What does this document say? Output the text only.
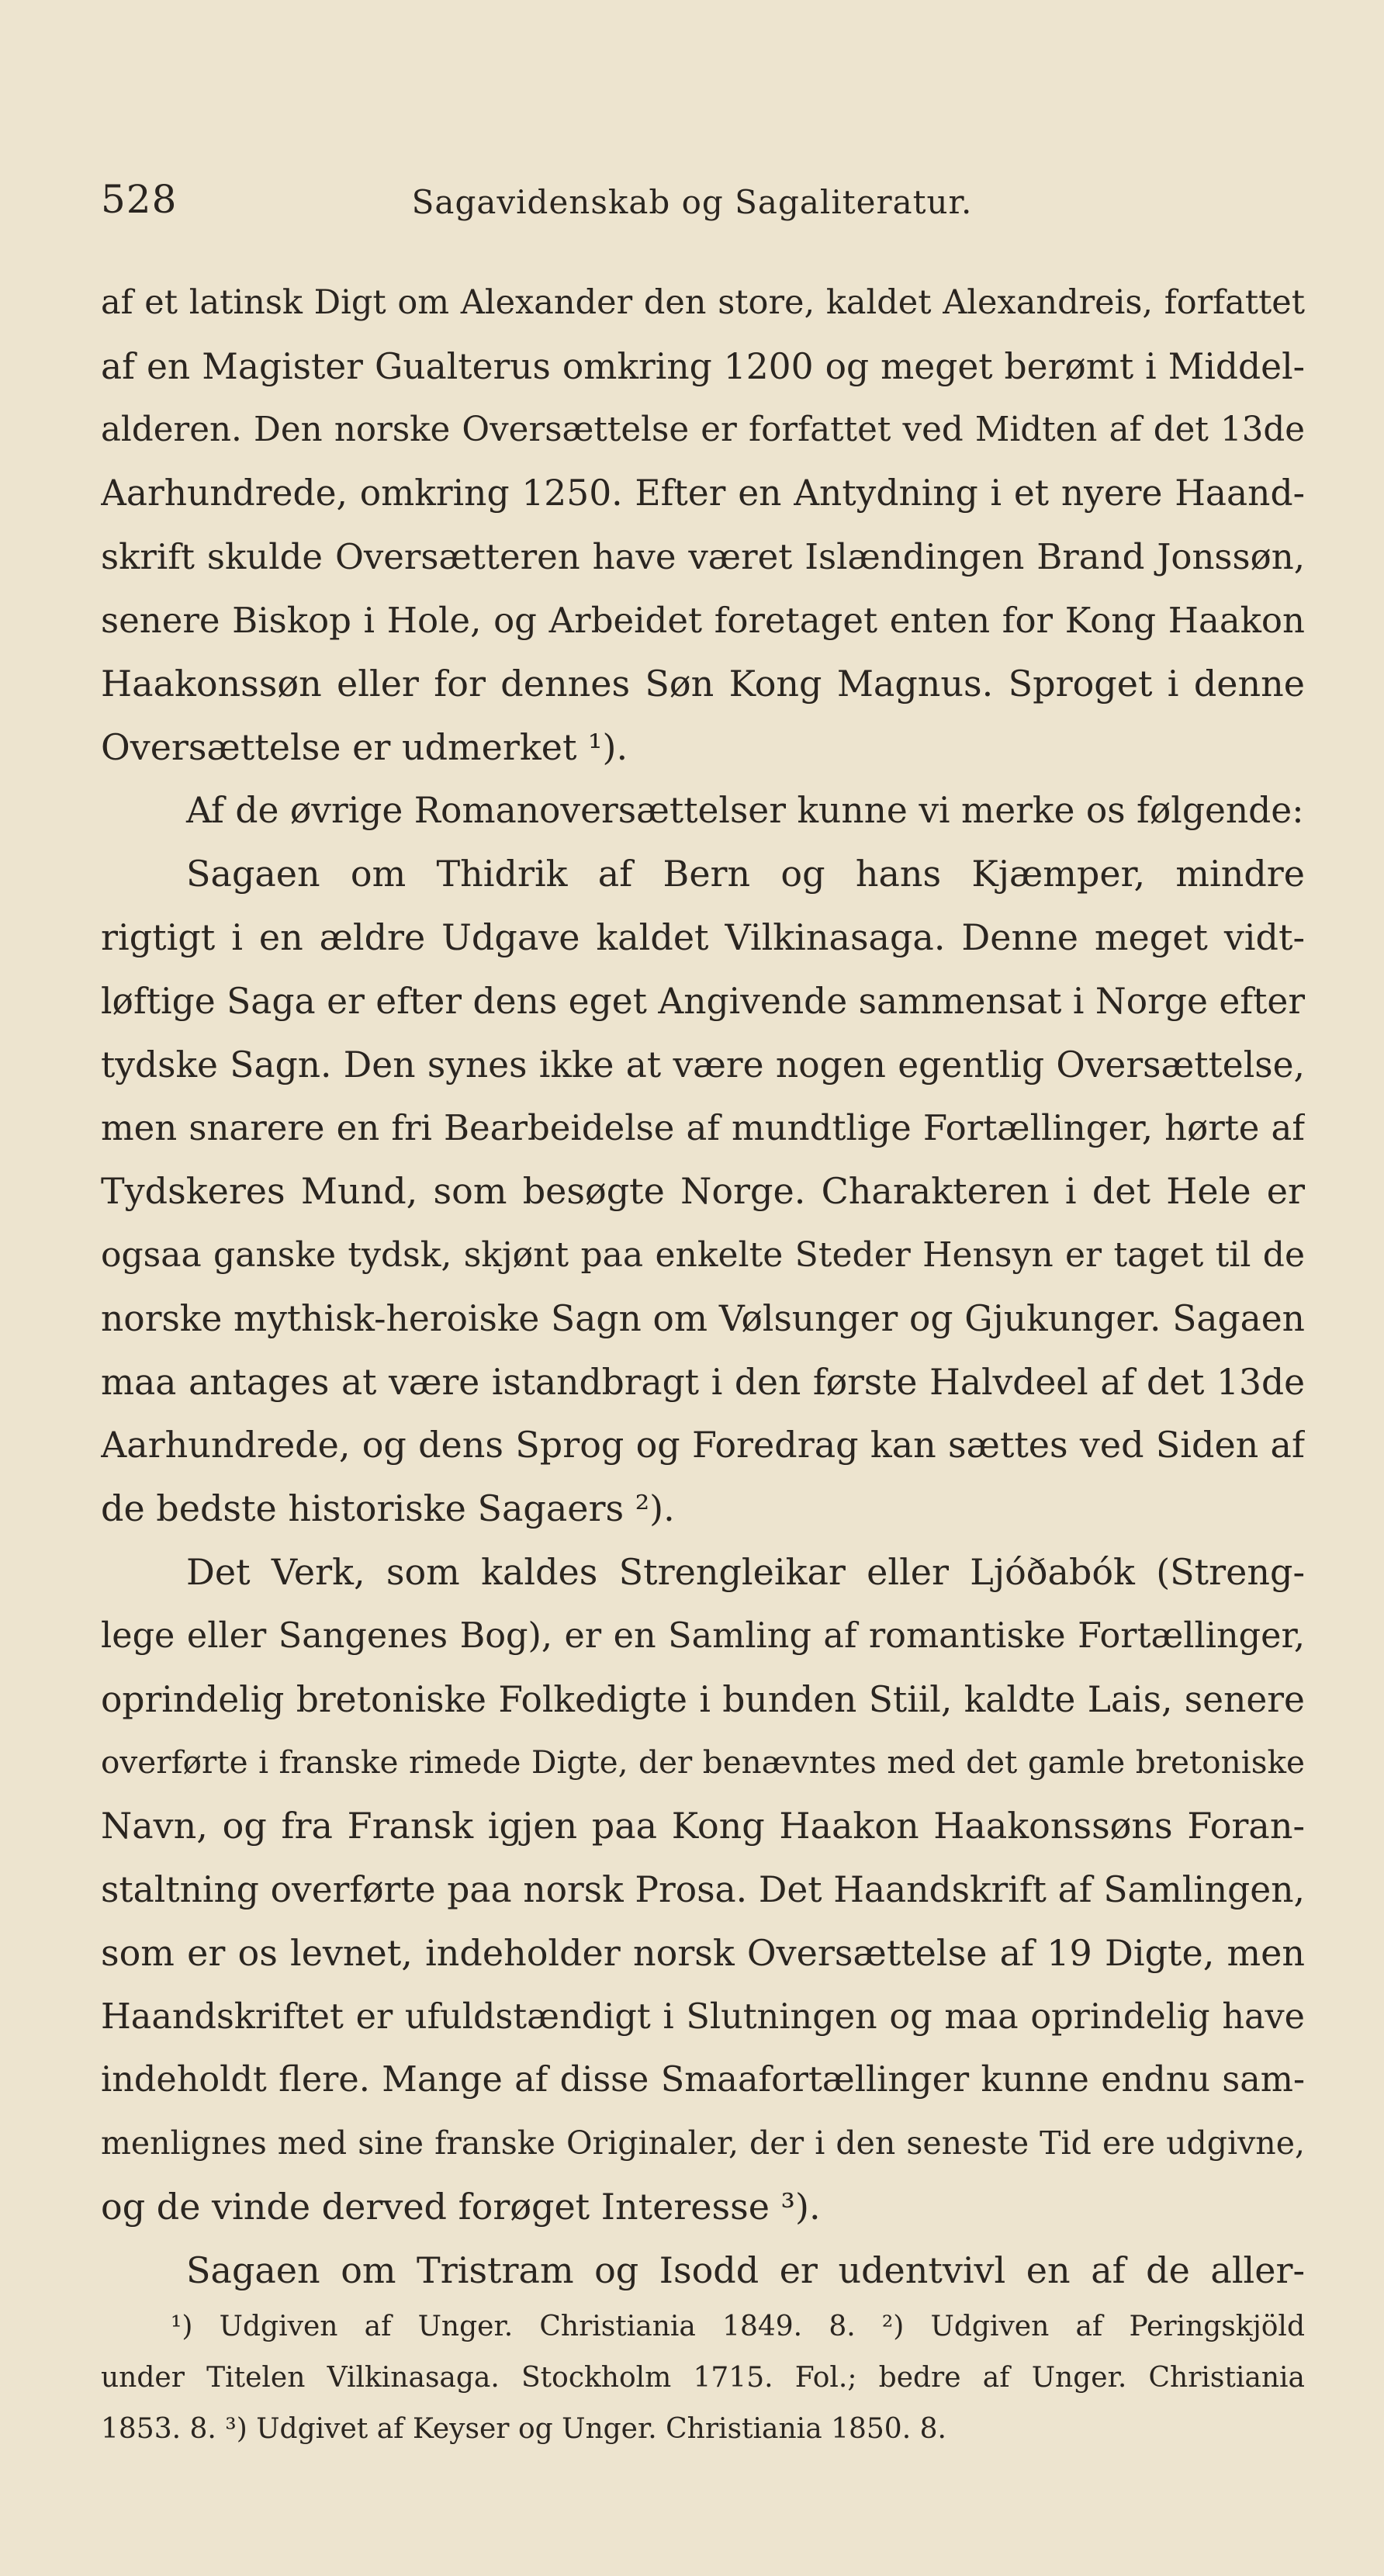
528	Sagavidenskab og Sagaliteratur.
af et latinsk Digt om Alexander den store, kaldet Alexandreis, forfattet
af en Magister Gualterus omkring 1200 og meget berømt i Middel-
alderen. Den norske Oversættelse er forfattet ved Midten af det 13de
Aarhundrede, omkring 1250. Efter en Antydning i et nyere Haand-
skrift skulde Oversætteren have været Islændingen Brand Jonssøn,
senere Biskop i Hole, og Arbeidet foretaget enten for Kong Haakon
Haakonssøn eller for dennes Søn Kong Magnus. Sproget i denne
Oversættelse er udmerket ¹).
Af de øvrige Romanoversættelser kunne vi merke os følgende:
Sagaen om Thidrik af Bern og hans Kjæmper, mindre
rigtigt i en ældre Udgave kaldet Vilkinasaga. Denne meget vidt-
løftige Saga er efter dens eget Angivende sammensat i Norge efter
tydske Sagn. Den synes ikke at være nogen egentlig Oversættelse,
men snarere en fri Bearbeidelse af mundtlige Fortællinger, hørte af
Tydskeres Mund, som besøgte Norge. Charakteren i det Hele er
ogsaa ganske tydsk, skjønt paa enkelte Steder Hensyn er taget til de
norske mythisk-heroiske Sagn om Vølsunger og Gjukunger. Sagaen
maa antages at være istandbragt i den første Halvdeel af det 13de
Aarhundrede, og dens Sprog og Foredrag kan sættes ved Siden af
de bedste historiske Sagaers ²).
Det Verk, som kaldes Strengleikar eller Ljóðabók (Streng-
lege eller Sangenes Bog), er en Samling af romantiske Fortællinger,
oprindelig bretoniske Folkedigte i bunden Stiil, kaldte Lais, senere
overførte i franske rimede Digte, der benævntes med det gamle bretoniske
Navn, og fra Fransk igjen paa Kong Haakon Haakonssøns Foran-
staltning overførte paa norsk Prosa. Det Haandskrift af Samlingen,
som er os levnet, indeholder norsk Oversættelse af 19 Digte, men
Haandskriftet er ufuldstændigt i Slutningen og maa oprindelig have
indeholdt flere. Mange af disse Smaafortællinger kunne endnu sam-
menlignes med sine franske Originaler, der i den seneste Tid ere udgivne,
og de vinde derved forøget Interesse ³).
Sagaen om Tristram og Isodd er udentvivl en af de aller-
¹) Udgiven af Unger. Christiania 1849. 8. ²) Udgiven af Peringskjöld
under Titelen Vilkinasaga. Stockholm 1715. Fol.; bedre af Unger. Christiania
1853. 8. ³) Udgivet af Keyser og Unger. Christiania 1850. 8.
